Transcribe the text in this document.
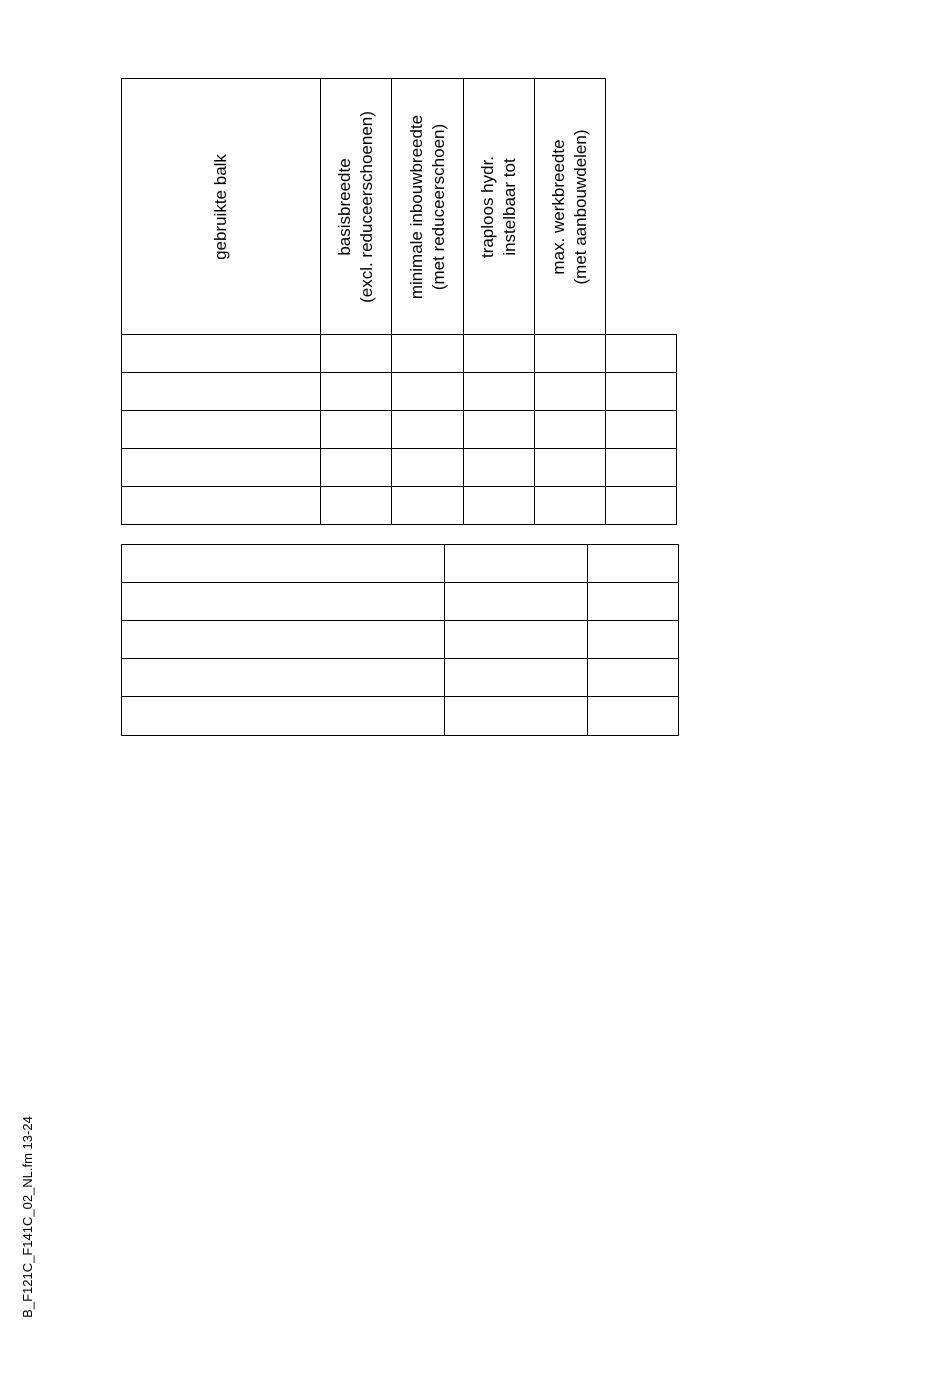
gebruikte balk	basisbreedte (excl. reduceerschoenen) minimale inbouwbreedte (met reduceerschoen) traploos hydr. instelbaar tot max. werkbreedte (met aanbouwdelen)
B_F121C_F141C_02_NL.fm 13-24
